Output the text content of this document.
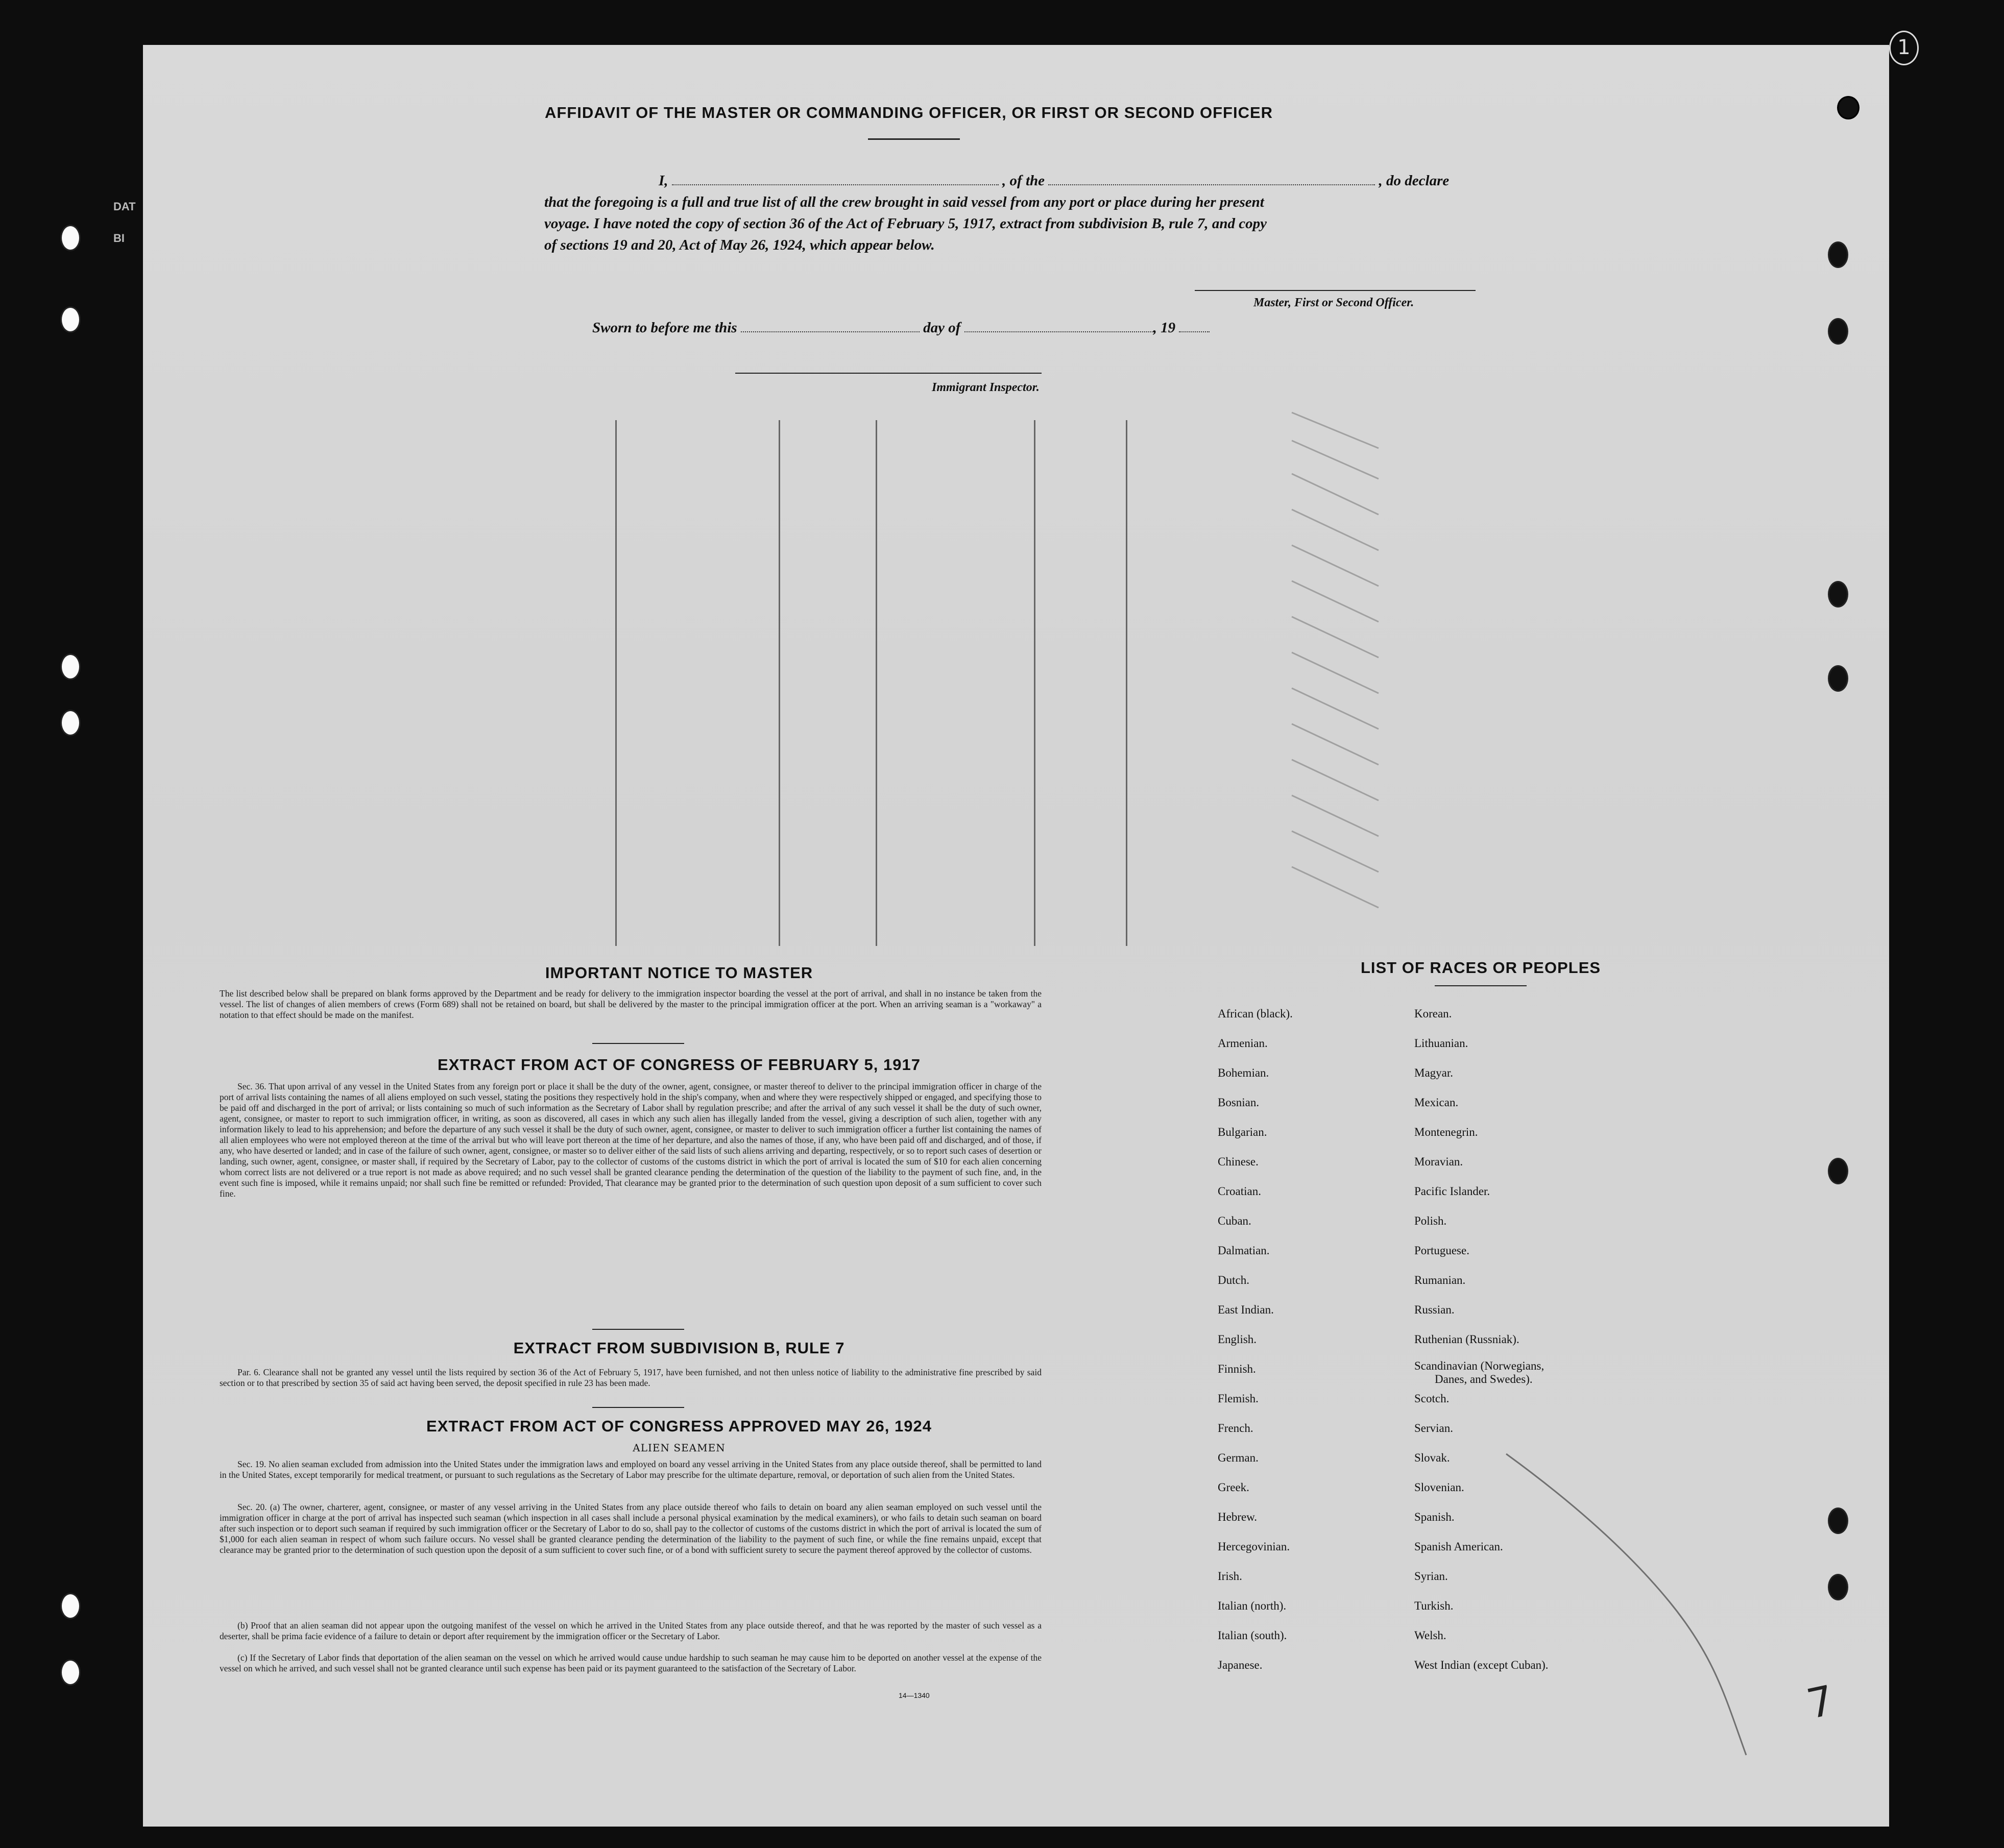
AFFIDAVIT OF THE MASTER OR COMMANDING OFFICER, OR FIRST OR SECOND OFFICER
I,	, of the	, do declare
that the foregoing is a full and true list of all the crew brought in said vessel from any port or place during her present
voyage. I have noted the copy of section 36 of the Act of February 5, 1917, extract from subdivision B, rule 7, and copy
of sections 19 and 20, Act of May 26, 1924, which appear below.
Master, First or Second Officer.
Sworn to before me this	day of	, 19
Immigrant Inspector.
IMPORTANT NOTICE TO MASTER
The list described below shall be prepared on blank forms approved by the Department and be ready for delivery to the immigration inspector boarding the vessel at the port of arrival, and shall in no instance be taken from the vessel. The list of changes of alien members of crews (Form 689) shall not be retained on board, but shall be delivered by the master to the principal immigration officer at the port. When an arriving seaman is a "workaway" a notation to that effect should be made on the manifest.
EXTRACT FROM ACT OF CONGRESS OF FEBRUARY 5, 1917
Sec. 36. That upon arrival of any vessel in the United States from any foreign port or place it shall be the duty of the owner, agent, consignee, or master thereof to deliver to the principal immigration officer in charge of the port of arrival lists containing the names of all aliens employed on such vessel, stating the positions they respectively hold in the ship's company, when and where they were respectively shipped or engaged, and specifying those to be paid off and discharged in the port of arrival; or lists containing so much of such information as the Secretary of Labor shall by regulation prescribe; and after the arrival of any such vessel it shall be the duty of such owner, agent, consignee, or master to report to such immigration officer, in writing, as soon as discovered, all cases in which any such alien has illegally landed from the vessel, giving a description of such alien, together with any information likely to lead to his apprehension; and before the departure of any such vessel it shall be the duty of such owner, agent, consignee, or master to deliver to such immigration officer a further list containing the names of all alien employees who were not employed thereon at the time of the arrival but who will leave port thereon at the time of her departure, and also the names of those, if any, who have been paid off and discharged, and of those, if any, who have deserted or landed; and in case of the failure of such owner, agent, consignee, or master so to deliver either of the said lists of such aliens arriving and departing, respectively, or so to report such cases of desertion or landing, such owner, agent, consignee, or master shall, if required by the Secretary of Labor, pay to the collector of customs of the customs district in which the port of arrival is located the sum of $10 for each alien concerning whom correct lists are not delivered or a true report is not made as above required; and no such vessel shall be granted clearance pending the determination of the question of the liability to the payment of such fine, and, in the event such fine is imposed, while it remains unpaid; nor shall such fine be remitted or refunded: Provided, That clearance may be granted prior to the determination of such question upon deposit of a sum sufficient to cover such fine.
EXTRACT FROM SUBDIVISION B, RULE 7
Par. 6. Clearance shall not be granted any vessel until the lists required by section 36 of the Act of February 5, 1917, have been furnished, and not then unless notice of liability to the administrative fine prescribed by said section or to that prescribed by section 35 of said act having been served, the deposit specified in rule 23 has been made.
EXTRACT FROM ACT OF CONGRESS APPROVED MAY 26, 1924
ALIEN SEAMEN
Sec. 19. No alien seaman excluded from admission into the United States under the immigration laws and employed on board any vessel arriving in the United States from any place outside thereof, shall be permitted to land in the United States, except temporarily for medical treatment, or pursuant to such regulations as the Secretary of Labor may prescribe for the ultimate departure, removal, or deportation of such alien from the United States.
Sec. 20. (a) The owner, charterer, agent, consignee, or master of any vessel arriving in the United States from any place outside thereof who fails to detain on board any alien seaman employed on such vessel until the immigration officer in charge at the port of arrival has inspected such seaman (which inspection in all cases shall include a personal physical examination by the medical examiners), or who fails to detain such seaman on board after such inspection or to deport such seaman if required by such immigration officer or the Secretary of Labor to do so, shall pay to the collector of customs of the customs district in which the port of arrival is located the sum of $1,000 for each alien seaman in respect of whom such failure occurs. No vessel shall be granted clearance pending the determination of the liability to the payment of such fine, or while the fine remains unpaid, except that clearance may be granted prior to the determination of such question upon the deposit of a sum sufficient to cover such fine, or of a bond with sufficient surety to secure the payment thereof approved by the collector of customs.
(b) Proof that an alien seaman did not appear upon the outgoing manifest of the vessel on which he arrived in the United States from any place outside thereof, and that he was reported by the master of such vessel as a deserter, shall be prima facie evidence of a failure to detain or deport after requirement by the immigration officer or the Secretary of Labor.
(c) If the Secretary of Labor finds that deportation of the alien seaman on the vessel on which he arrived would cause undue hardship to such seaman he may cause him to be deported on another vessel at the expense of the vessel on which he arrived, and such vessel shall not be granted clearance until such expense has been paid or its payment guaranteed to the satisfaction of the Secretary of Labor.
14—1340
LIST OF RACES OR PEOPLES
African (black).
Armenian.
Bohemian.
Bosnian.
Bulgarian.
Chinese.
Croatian.
Cuban.
Dalmatian.
Dutch.
East Indian.
English.
Finnish.
Flemish.
French.
German.
Greek.
Hebrew.
Hercegovinian.
Irish.
Italian (north).
Italian (south).
Japanese.
Korean.
Lithuanian.
Magyar.
Mexican.
Montenegrin.
Moravian.
Pacific Islander.
Polish.
Portuguese.
Rumanian.
Russian.
Ruthenian (Russniak).
Scandinavian (Norwegians,
Danes, and Swedes).
Scotch.
Servian.
Slovak.
Slovenian.
Spanish.
Spanish American.
Syrian.
Turkish.
Welsh.
West Indian (except Cuban).
7
DAT
BI
1
